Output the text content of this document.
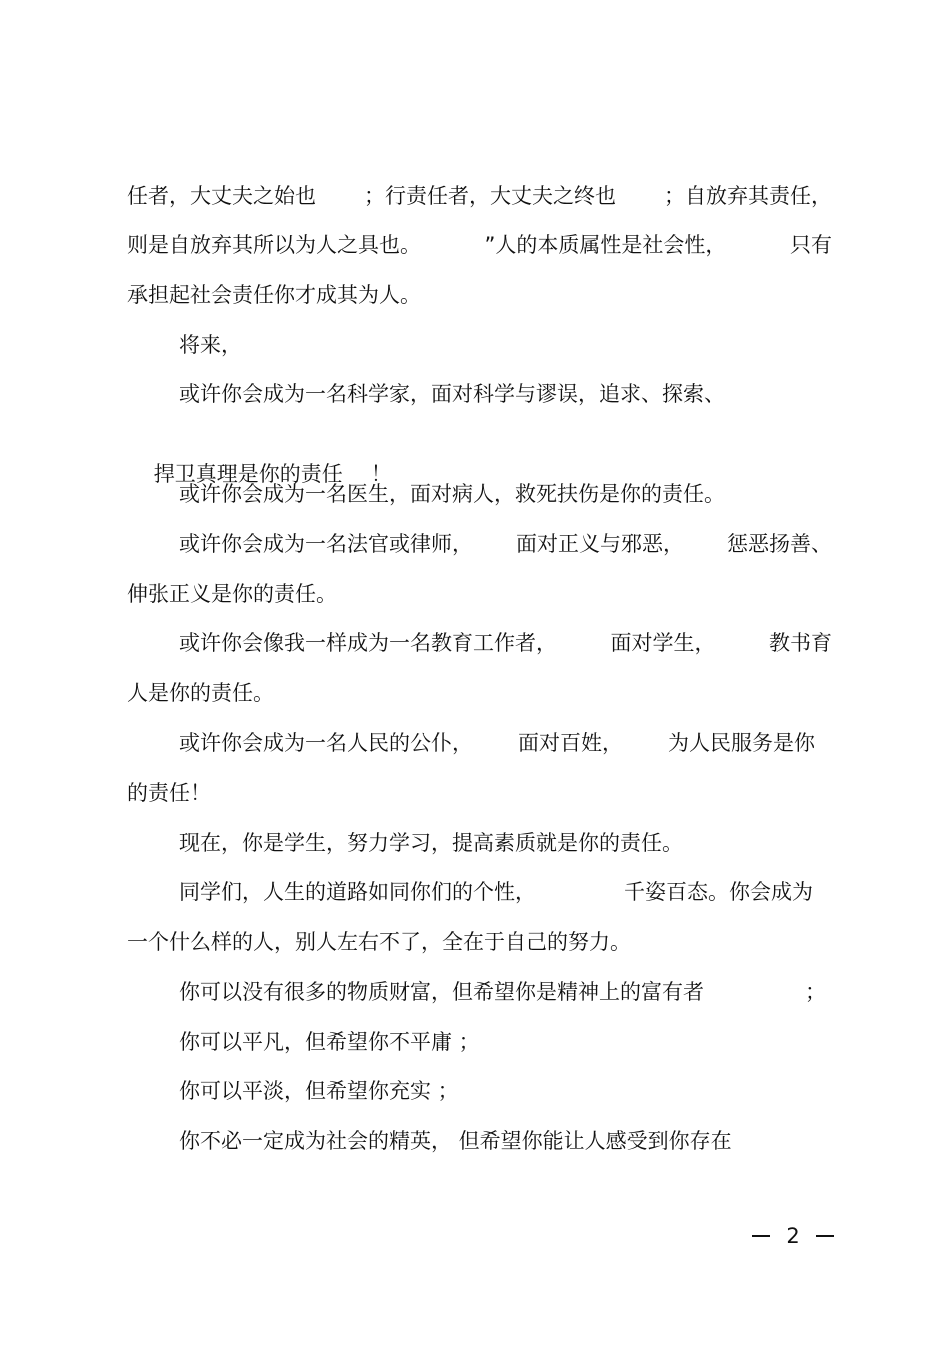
任者，大丈夫之始也 ；行责任者，大丈夫之终也 ；自放弃其责任，
则是自放弃其所以为人之具也。	”人的本质属性是社会性，	只有
承担起社会责任你才成其为人。
将来，
或许你会成为一名科学家，面对科学与谬误，追求、探索、

捍卫真理是你的责任 ！

或许你会成为一名医生，面对病人，救死扶伤是你的责任。
或许你会成为一名法官或律师， 面对正义与邪恶， 惩恶扬善、
伸张正义是你的责任。
或许你会像我一样成为一名教育工作者，	面对学生，	教书育
人是你的责任。
或许你会成为一名人民的公仆， 面对百姓， 为人民服务是你
的责任！
现在，你是学生，努力学习，提高素质就是你的责任。
同学们，人生的道路如同你们的个性，	千姿百态。你会成为
一个什么样的人，别人左右不了，全在于自己的努力。
你可以没有很多的物质财富，但希望你是精神上的富有者	；
你可以平凡，但希望你不平庸 ；
你可以平淡，但希望你充实 ；
你不必一定成为社会的精英， 但希望你能让人感受到你存在
2
